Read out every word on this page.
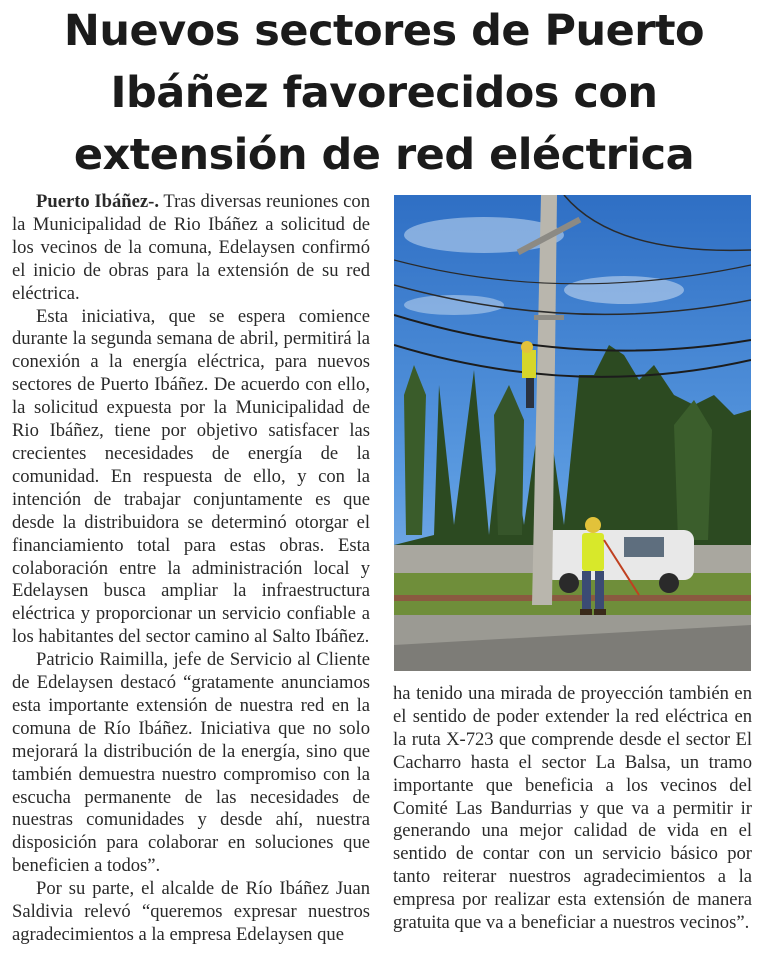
Nuevos sectores de Puerto
Ibáñez favorecidos con
extensión de red eléctrica

Puerto Ibáñez-. Tras diversas reuniones con la Municipalidad de Rio Ibáñez a solicitud de los vecinos de la comuna, Edelaysen confirmó el inicio de obras para la extensión de su red eléctrica.

Esta iniciativa, que se espera comience durante la segunda semana de abril, permitirá la conexión a la energía eléctrica, para nuevos sectores de Puerto Ibáñez. De acuerdo con ello, la solicitud expuesta por la Municipalidad de Rio Ibáñez, tiene por objetivo satisfacer las crecientes necesidades de energía de la comunidad. En respuesta de ello, y con la intención de trabajar conjuntamente es que desde la distribuidora se determinó otorgar el financiamiento total para estas obras. Esta colaboración entre la administración local y Edelaysen busca ampliar la infraestructura eléctrica y proporcionar un servicio confiable a los habitantes del sector camino al Salto Ibáñez.

Patricio Raimilla, jefe de Servicio al Cliente de Edelaysen destacó “gratamente anunciamos esta importante extensión de nuestra red en la comuna de Río Ibáñez. Iniciativa que no solo mejorará la distribución de la energía, sino que también demuestra nuestro compromiso con la escucha permanente de las necesidades de nuestras comunidades y desde ahí, nuestra disposición para colaborar en soluciones que beneficien a todos”.

Por su parte, el alcalde de Río Ibáñez Juan Saldivia relevó “queremos expresar nuestros agradecimientos a la empresa Edelaysen que

ha tenido una mirada de proyección también en el sentido de poder extender la red eléctrica en la ruta X-723 que comprende desde el sector El Cacharro hasta el sector La Balsa, un tramo importante que beneficia a los vecinos del Comité Las Bandurrias y que va a permitir ir generando una mejor calidad de vida en el sentido de contar con un servicio básico por tanto reiterar nuestros agradecimientos a la empresa por realizar esta extensión de manera gratuita que va a beneficiar a nuestros vecinos”.
